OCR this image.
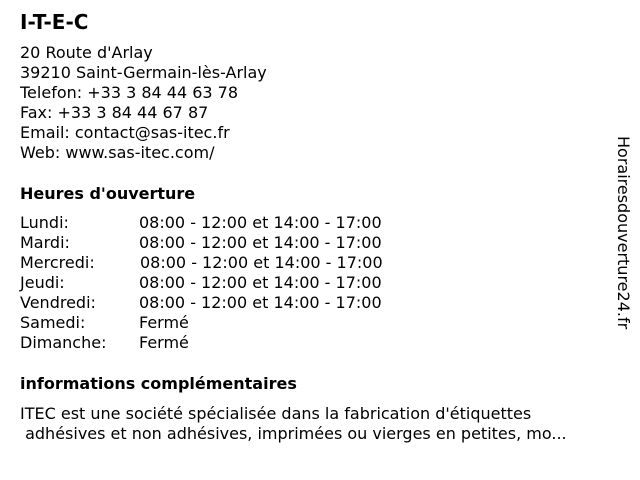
I-T-E-C
20 Route d'Arlay
39210 Saint-Germain-lès-Arlay
Telefon: +33 3 84 44 63 78
Fax: +33 3 84 44 67 87
Email: contact@sas-itec.fr
Web: www.sas-itec.com/
Heures d'ouverture
Lundi:	08:00 - 12:00 et 14:00 - 17:00
Mardi:	08:00 - 12:00 et 14:00 - 17:00
Mercredi:	08:00 - 12:00 et 14:00 - 17:00
Jeudi:	08:00 - 12:00 et 14:00 - 17:00
Vendredi:	08:00 - 12:00 et 14:00 - 17:00
Samedi:	Fermé
Dimanche: Fermé
informations complémentaires
ITEC est une société spécialisée dans la fabrication d'étiquettes
adhésives et non adhésives, imprimées ou vierges en petites, mo...
Horairesdouverture24.fr
